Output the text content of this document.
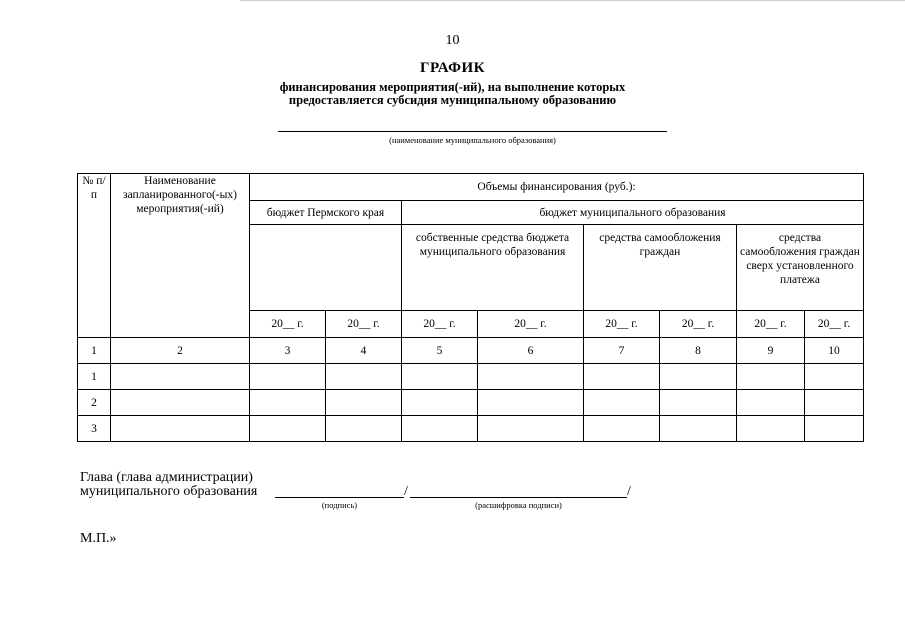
10
ГРАФИК
финансирования мероприятия(-ий), на выполнение которых
предоставляется субсидия муниципальному образованию
(наименование муниципального образования)
№ п/п	Наименование запланированного(-ых) мероприятия(-ий)	Объемы финансирования (руб.):							
		бюджет Пермского края		бюджет муниципального образования					
				собственные средства бюджета муниципального образования		средства самообложения граждан		средства самообложения граждан сверх установленного платежа	
		20__ г.	20__ г.	20__ г.	20__ г.	20__ г.	20__ г.	20__ г.	20__ г.
1	2	3	4	5	6	7	8	9	10
1									
2									
3									
Глава (глава администрации)
муниципального образования	/	/
(подпись)	(расшифровка подписи)
М.П.»
